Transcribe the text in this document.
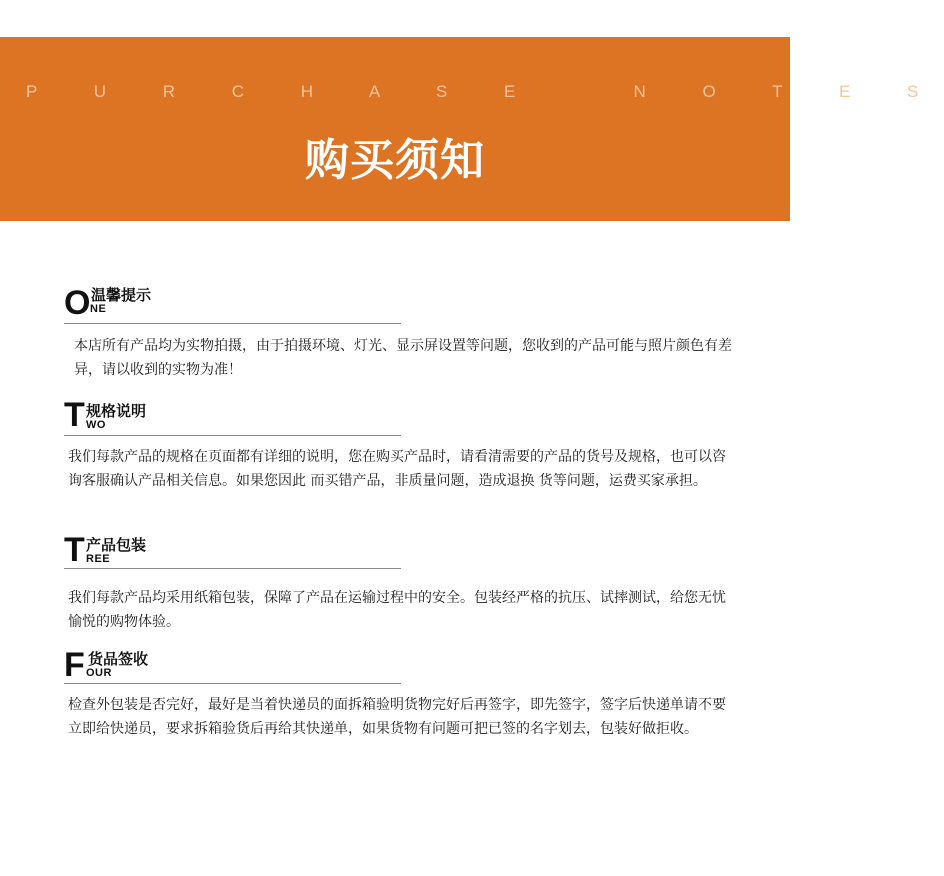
P U R C H A S E   N O T E S
购买须知
O 温馨提示
NE
本店所有产品均为实物拍摄，由于拍摄环境、灯光、显示屏设置等问题，您收到的产品可能与照片颜色有差异，请以收到的实物为准！
T 规格说明
WO
我们每款产品的规格在页面都有详细的说明，您在购买产品时，请看清需要的产品的货号及规格，也可以咨询客服确认产品相关信息。如果您因此 而买错产品，非质量问题，造成退换 货等问题，运费买家承担。
T 产品包装
REE
我们每款产品均采用纸箱包装，保障了产品在运输过程中的安全。包装经严格的抗压、试摔测试，给您无忧愉悦的购物体验。
F 货品签收
OUR
检查外包装是否完好，最好是当着快递员的面拆箱验明货物完好后再签字，即先签字，签字后快递单请不要立即给快递员，要求拆箱验货后再给其快递单，如果货物有问题可把已签的名字划去，包装好做拒收。
